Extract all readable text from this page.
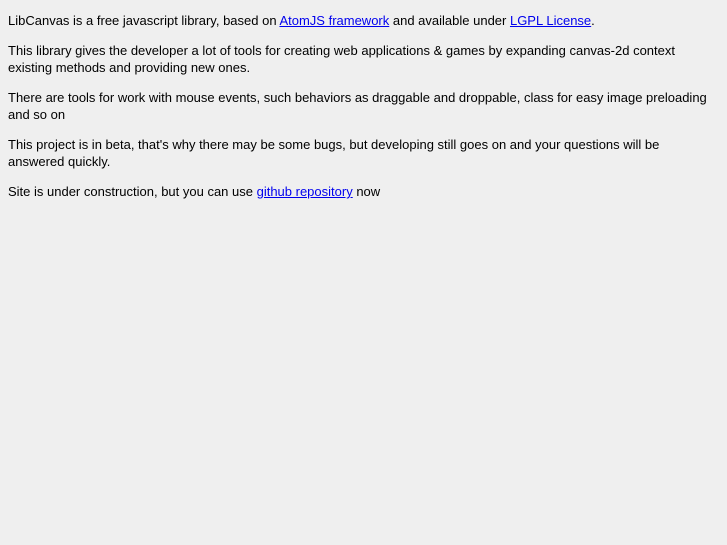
LibCanvas is a free javascript library, based on AtomJS framework and available under LGPL License.

This library gives the developer a lot of tools for creating web applications & games by expanding canvas-2d context existing methods and providing new ones.

There are tools for work with mouse events, such behaviors as draggable and droppable, class for easy image preloading and so on

This project is in beta, that's why there may be some bugs, but developing still goes on and your questions will be answered quickly.

Site is under construction, but you can use github repository now
